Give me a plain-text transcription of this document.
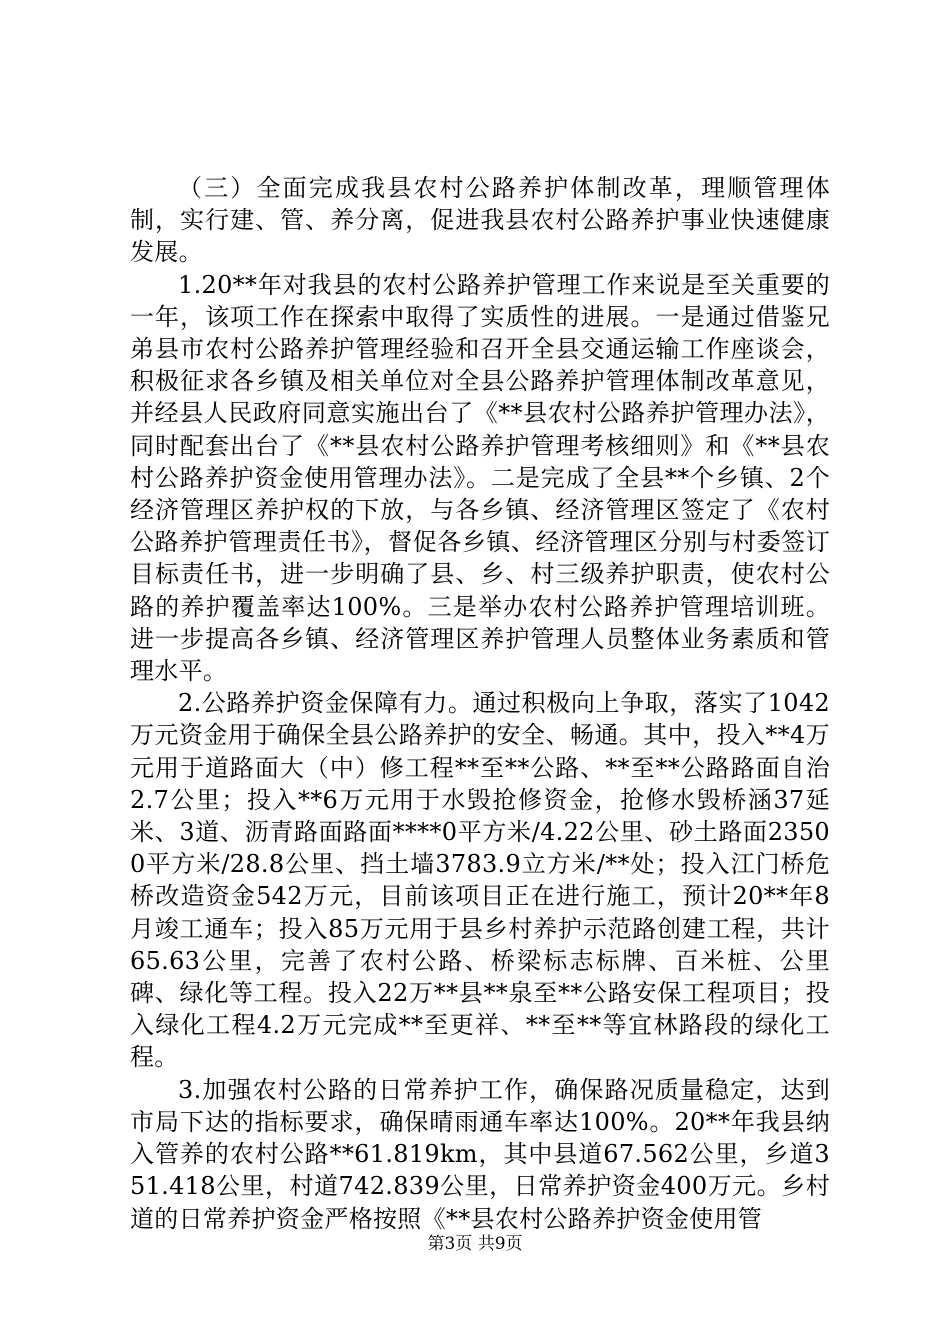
（三）全面完成我县农村公路养护体制改革，理顺管理体制，实行建、管、养分离，促进我县农村公路养护事业快速健康发展。

1.20**年对我县的农村公路养护管理工作来说是至关重要的一年，该项工作在探索中取得了实质性的进展。一是通过借鉴兄弟县市农村公路养护管理经验和召开全县交通运输工作座谈会，积极征求各乡镇及相关单位对全县公路养护管理体制改革意见，并经县人民政府同意实施出台了《**县农村公路养护管理办法》，同时配套出台了《**县农村公路养护管理考核细则》和《**县农村公路养护资金使用管理办法》。二是完成了全县**个乡镇、2个经济管理区养护权的下放，与各乡镇、经济管理区签定了《农村公路养护管理责任书》，督促各乡镇、经济管理区分别与村委签订目标责任书，进一步明确了县、乡、村三级养护职责，使农村公路的养护覆盖率达100%。三是举办农村公路养护管理培训班。进一步提高各乡镇、经济管理区养护管理人员整体业务素质和管理水平。

2.公路养护资金保障有力。通过积极向上争取，落实了1042万元资金用于确保全县公路养护的安全、畅通。其中，投入**4万元用于道路面大（中）修工程**至**公路、**至**公路路面自治2.7公里；投入**6万元用于水毁抢修资金，抢修水毁桥涵37延米、3道、沥青路面路面****0平方米/4.22公里、砂土路面23500平方米/28.8公里、挡土墙3783.9立方米/**处；投入江门桥危桥改造资金542万元，目前该项目正在进行施工，预计20**年8月竣工通车；投入85万元用于县乡村养护示范路创建工程，共计65.63公里，完善了农村公路、桥梁标志标牌、百米桩、公里碑、绿化等工程。投入22万**县**泉至**公路安保工程项目；投入绿化工程4.2万元完成**至更祥、**至**等宜林路段的绿化工程。

3.加强农村公路的日常养护工作，确保路况质量稳定，达到市局下达的指标要求，确保晴雨通车率达100%。20**年我县纳入管养的农村公路**61.819km，其中县道67.562公里，乡道351.418公里，村道742.839公里，日常养护资金400万元。乡村道的日常养护资金严格按照《**县农村公路养护资金使用管

第3页 共9页
